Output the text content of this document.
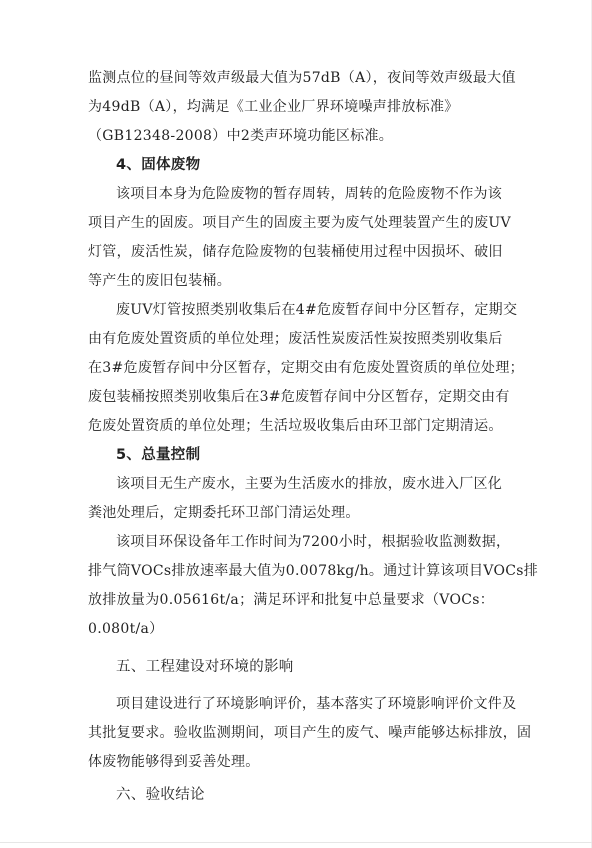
监测点位的昼间等效声级最大值为57dB（A），夜间等效声级最大值
为49dB（A），均满足《工业企业厂界环境噪声排放标准》
（GB12348-2008）中2类声环境功能区标准。
4、固体废物
该项目本身为危险废物的暂存周转，周转的危险废物不作为该
项目产生的固废。项目产生的固废主要为废气处理装置产生的废UV
灯管，废活性炭，储存危险废物的包装桶使用过程中因损坏、破旧
等产生的废旧包装桶。
废UV灯管按照类别收集后在4#危废暂存间中分区暂存，定期交
由有危废处置资质的单位处理；废活性炭废活性炭按照类别收集后
在3#危废暂存间中分区暂存，定期交由有危废处置资质的单位处理；
废包装桶按照类别收集后在3#危废暂存间中分区暂存，定期交由有
危废处置资质的单位处理；生活垃圾收集后由环卫部门定期清运。
5、总量控制
该项目无生产废水，主要为生活废水的排放，废水进入厂区化
粪池处理后，定期委托环卫部门清运处理。
该项目环保设备年工作时间为7200小时，根据验收监测数据，
排气筒VOCs排放速率最大值为0.0078kg/h。通过计算该项目VOCs排
放排放量为0.05616t/a；满足环评和批复中总量要求（VOCs：
0.080t/a）
五、工程建设对环境的影响
项目建设进行了环境影响评价，基本落实了环境影响评价文件及
其批复要求。验收监测期间，项目产生的废气、噪声能够达标排放，固
体废物能够得到妥善处理。
六、验收结论
